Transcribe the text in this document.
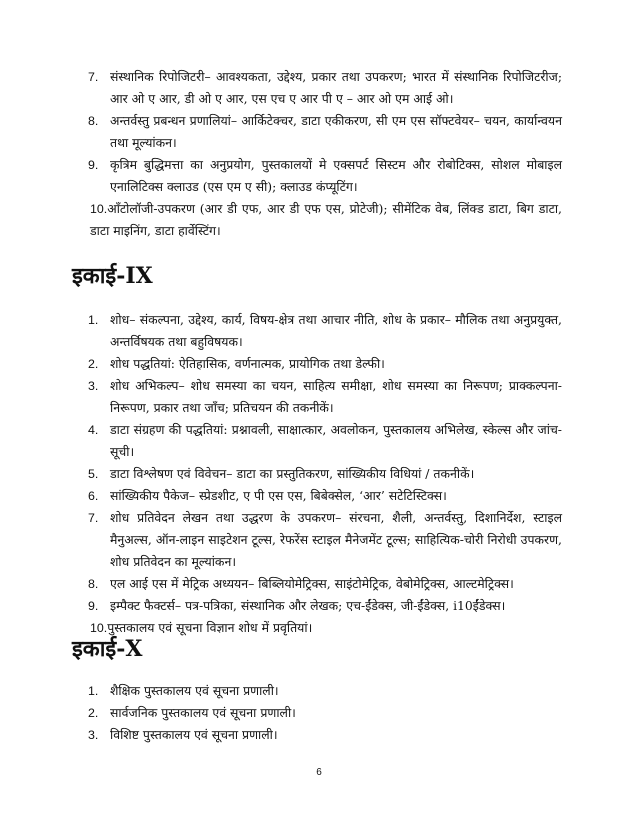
7. संस्थानिक रिपोजिटरी– आवश्यकता, उद्देश्य, प्रकार तथा उपकरण; भारत में संस्थानिक रिपोजिटरीज; आर ओ ए आर, डी ओ ए आर, एस एच ए आर पी ए – आर ओ एम आई ओ।
8. अन्तर्वस्तु प्रबन्धन प्रणालियां– आर्किटेक्चर, डाटा एकीकरण, सी एम एस सॉफ्टवेयर– चयन, कार्यान्वयन तथा मूल्यांकन।
9. कृत्रिम बुद्धिमत्ता का अनुप्रयोग, पुस्तकालयों मे एक्सपर्ट सिस्टम और रोबोटिक्स, सोशल मोबाइल एनालिटिक्स क्लाउड (एस एम ए सी); क्लाउड कंप्यूटिंग।
10.ऑंटोलॉजी-उपकरण (आर डी एफ, आर डी एफ एस, प्रोटेजी); सीमेंटिक वेब, लिंक्ड डाटा, बिग डाटा, डाटा माइनिंग, डाटा हार्वेस्टिंग।
इकाई-IX
1. शोध– संकल्पना, उद्देश्य, कार्य, विषय-क्षेत्र तथा आचार नीति, शोध के प्रकार– मौलिक तथा अनुप्रयुक्त, अन्तर्विषयक तथा बहुविषयक।
2. शोध पद्धतियां: ऐतिहासिक, वर्णनात्मक, प्रायोगिक तथा डेल्फी।
3. शोध अभिकल्प– शोध समस्या का चयन, साहित्य समीक्षा, शोध समस्या का निरूपण; प्राक्कल्पना-निरूपण, प्रकार तथा जाँच; प्रतिचयन की तकनीकें।
4. डाटा संग्रहण की पद्धतियां: प्रश्नावली, साक्षात्कार, अवलोकन, पुस्तकालय अभिलेख, स्केल्स और जांच-सूची।
5. डाटा विश्लेषण एवं विवेचन– डाटा का प्रस्तुतिकरण, सांख्यिकीय विधियां / तकनीकें।
6. सांख्यिकीय पैकेज– स्प्रेडशीट, ए पी एस एस, बिबेक्सेल, ‘आर’ सटेटिस्टिक्स।
7. शोध प्रतिवेदन लेखन तथा उद्धरण के उपकरण– संरचना, शैली, अन्तर्वस्तु, दिशानिर्देश, स्टाइल मैनुअल्स, ऑन-लाइन साइटेशन टूल्स, रेफरेंस स्टाइल मैनेजमेंट टूल्स; साहित्यिक-चोरी निरोधी उपकरण, शोध प्रतिवेदन का मूल्यांकन।
8. एल आई एस में मेट्रिक अध्ययन– बिब्लियोमेट्रिक्स, साइंटोमेट्रिक, वेबोमेट्रिक्स, आल्टमेट्रिक्स।
9. इम्पैक्ट फैक्टर्स– पत्र-पत्रिका, संस्थानिक और लेखक; एच-ईंडेक्स, जी-ईंडेक्स, i10ईंडेक्स।
10.पुस्तकालय एवं सूचना विज्ञान शोध में प्रवृतियां।
इकाई-X
1. शैक्षिक पुस्तकालय एवं सूचना प्रणाली।
2. सार्वजनिक पुस्तकालय एवं सूचना प्रणाली।
3. विशिष्ट पुस्तकालय एवं सूचना प्रणाली।
6
